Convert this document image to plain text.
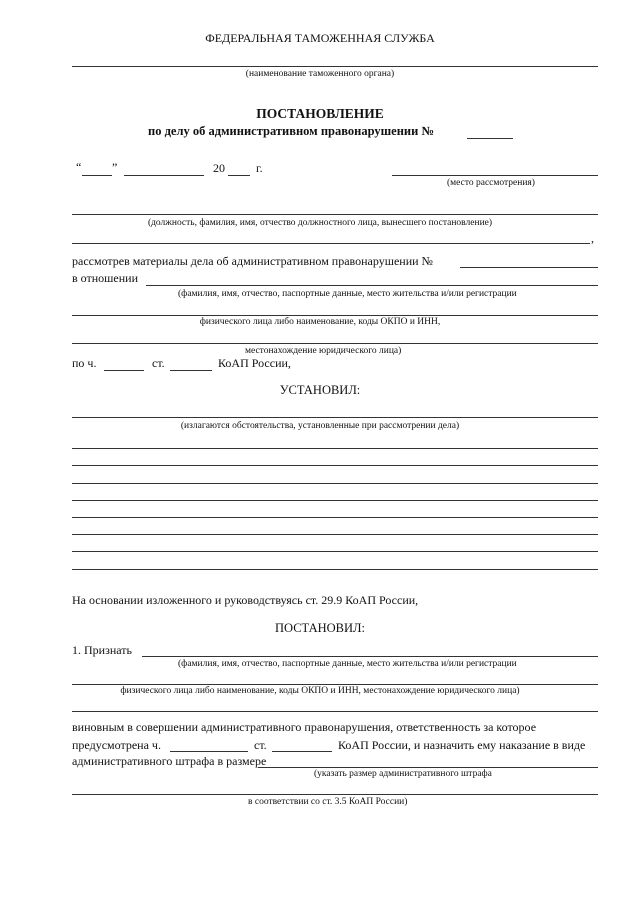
ФЕДЕРАЛЬНАЯ ТАМОЖЕННАЯ СЛУЖБА
(наименование таможенного органа)
ПОСТАНОВЛЕНИЕ
по делу об административном правонарушении №
“	”	20	г.
(место рассмотрения)
(должность, фамилия, имя, отчество должностного лица, вынесшего постановление)
,
рассмотрев материалы дела об административном правонарушении №
в отношении
(фамилия, имя, отчество, паспортные данные, место жительства и/или регистрации
физического лица либо наименование, коды ОКПО и ИНН,
местонахождение юридического лица)
по ч.	ст.	КоАП России,
УСТАНОВИЛ:
(излагаются обстоятельства, установленные при рассмотрении дела)
На основании изложенного и руководствуясь ст. 29.9 КоАП России,
ПОСТАНОВИЛ:
1. Признать
(фамилия, имя, отчество, паспортные данные, место жительства и/или регистрации
физического лица либо наименование, коды ОКПО и ИНН, местонахождение юридического лица)
виновным в совершении административного правонарушения, ответственность за которое
предусмотрена ч.	ст.	КоАП России, и назначить ему наказание в виде
административного штрафа в размере
(указать размер административного штрафа
в соответствии со ст. 3.5 КоАП России)
